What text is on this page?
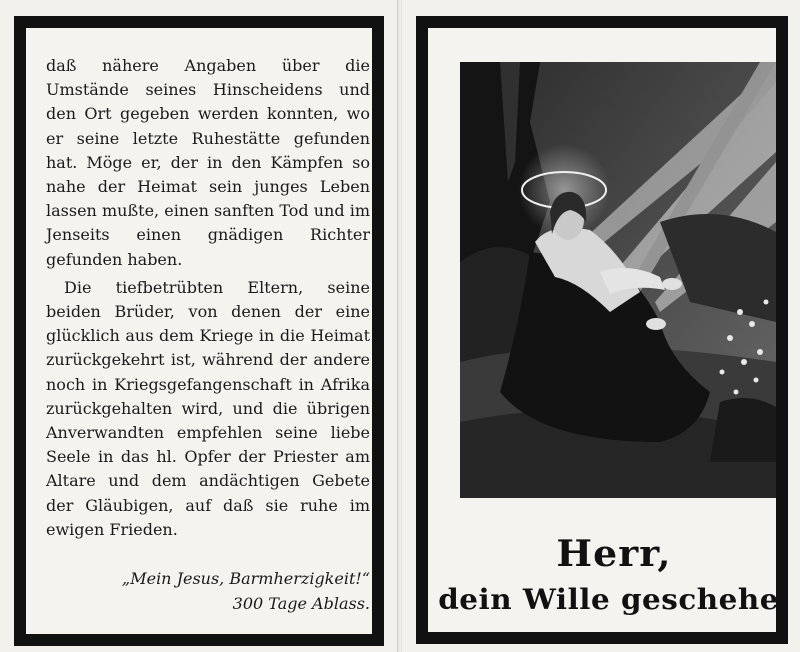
daß nähere Angaben über die Umstände seines Hinscheidens und den Ort gegeben werden konnten, wo er seine letzte Ruhestätte gefunden hat. Möge er, der in den Kämpfen so nahe der Heimat sein junges Leben lassen mußte, einen sanften Tod und im Jenseits einen gnädigen Richter gefunden haben.

Die tiefbetrübten Eltern, seine beiden Brüder, von denen der eine glücklich aus dem Kriege in die Heimat zurückgekehrt ist, während der andere noch in Kriegsgefangenschaft in Afrika zurückgehalten wird, und die übrigen Anverwandten empfehlen seine liebe Seele in das hl. Opfer der Priester am Altare und dem andächtigen Gebete der Gläubigen, auf daß sie ruhe im ewigen Frieden.

„Mein Jesus, Barmherzigkeit!“
300 Tage Ablass.
Herr,
dein Wille geschehe.
